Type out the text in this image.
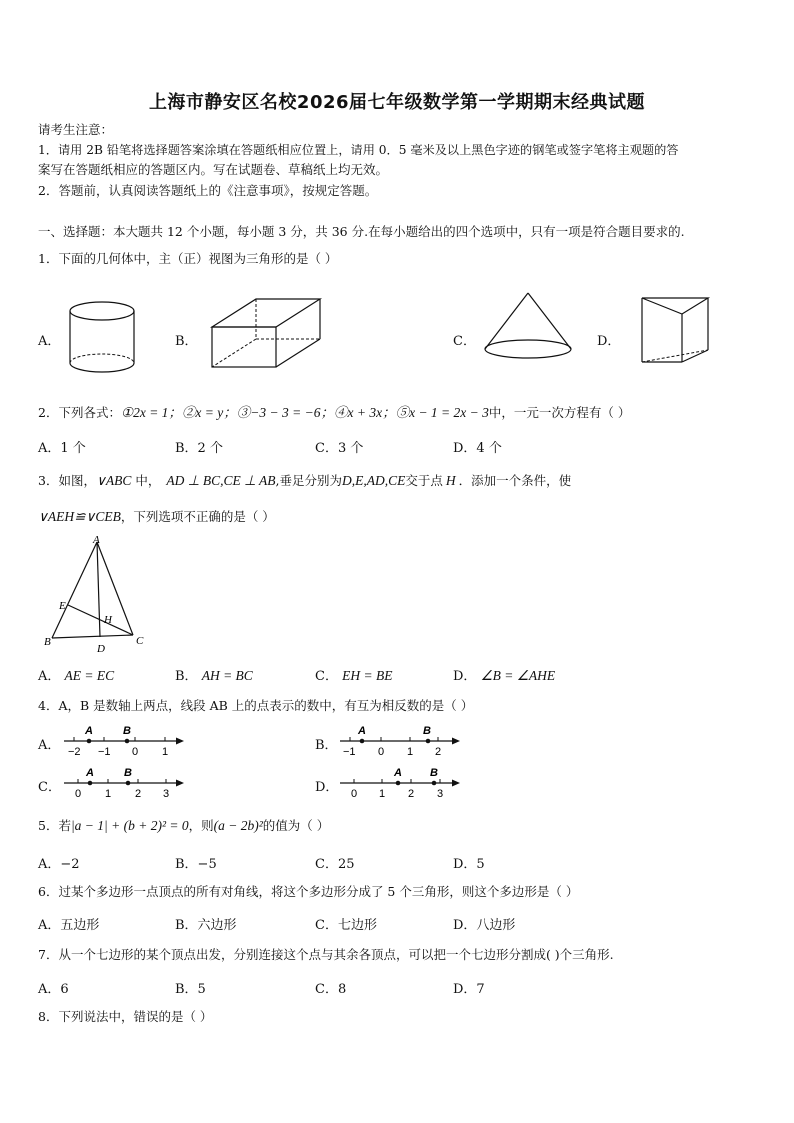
上海市静安区名校2026届七年级数学第一学期期末经典试题
请考生注意：
1．请用 2B 铅笔将选择题答案涂填在答题纸相应位置上，请用 0．5 毫米及以上黑色字迹的钢笔或签字笔将主观题的答
案写在答题纸相应的答题区内。写在试题卷、草稿纸上均无效。
2．答题前，认真阅读答题纸上的《注意事项》，按规定答题。
一、选择题：本大题共 12 个小题，每小题 3 分，共 36 分.在每小题给出的四个选项中，只有一项是符合题目要求的.
1．下面的几何体中，主（正）视图为三角形的是（ ）
A．	B．	C．	D．
2．下列各式：①2x = 1；②x = y；③−3 − 3 = −6；④x + 3x；⑤x − 1 = 2x − 3中，一元一次方程有（ ）
A．1 个	B．2 个	C．3 个	D．4 个
3．如图，∨ABC 中， AD ⊥ BC,CE ⊥ AB,垂足分别为D,E,AD,CE交于点 H ．添加一个条件，使
∨AEH≌∨CEB，下列选项不正确的是（ ）
A
B	C
D
E
H
A． AE = EC	B． AH = BC	C． EH = BE	D． ∠B = ∠AHE
4．A，B 是数轴上两点，线段 AB 上的点表示的数中，有互为相反数的是（ ）
A．	B．
C．	D．
−2 −1 0 1
A	B
−1 0 1 2
A	B
0 1 2 3
A	B
0 1 2 3
A	B
5．若|a − 1| + (b + 2)² = 0，则(a − 2b)²的值为（ ）
A．−2	B．−5	C．25	D．5
6．过某个多边形一点顶点的所有对角线，将这个多边形分成了 5 个三角形，则这个多边形是（ ）
A．五边形	B．六边形	C．七边形	D．八边形
7．从一个七边形的某个顶点出发，分别连接这个点与其余各顶点，可以把一个七边形分割成( )个三角形.
A．6	B．5	C．8	D．7
8．下列说法中，错误的是（ ）
